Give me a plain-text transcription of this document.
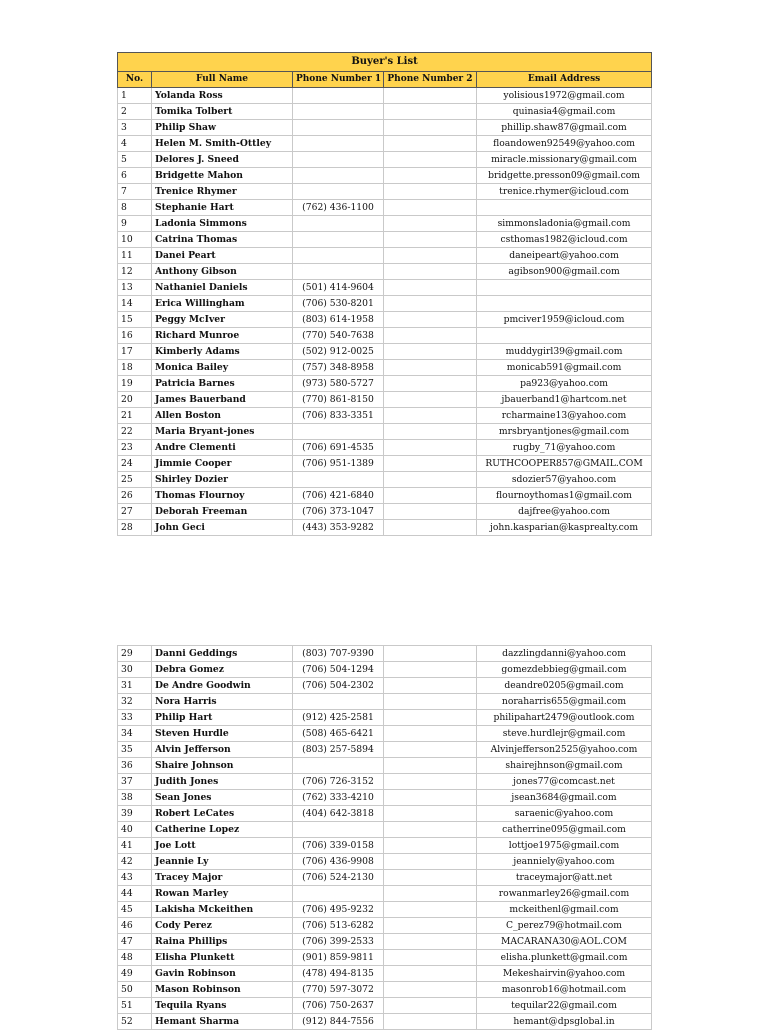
Buyer's List				
No.	Full Name	Phone Number 1	Phone Number 2	Email Address
1	Yolanda Ross			yolisious1972@gmail.com
2	Tomika Tolbert			quinasia4@gmail.com
3	Philip Shaw			phillip.shaw87@gmail.com
4	Helen M. Smith-Ottley			floandowen92549@yahoo.com
5	Delores J. Sneed			miracle.missionary@gmail.com
6	Bridgette Mahon			bridgette.presson09@gmail.com
7	Trenice Rhymer			trenice.rhymer@icloud.com
8	Stephanie Hart	(762) 436-1100		
9	Ladonia Simmons			simmonsladonia@gmail.com
10	Catrina Thomas			csthomas1982@icloud.com
11	Danei Peart			daneipeart@yahoo.com
12	Anthony Gibson			agibson900@gmail.com
13	Nathaniel Daniels	(501) 414-9604		
14	Erica Willingham	(706) 530-8201		
15	Peggy McIver	(803) 614-1958		pmciver1959@icloud.com
16	Richard Munroe	(770) 540-7638		
17	Kimberly Adams	(502) 912-0025		muddygirl39@gmail.com
18	Monica Bailey	(757) 348-8958		monicab591@gmail.com
19	Patricia Barnes	(973) 580-5727		pa923@yahoo.com
20	James Bauerband	(770) 861-8150		jbauerband1@hartcom.net
21	Allen Boston	(706) 833-3351		rcharmaine13@yahoo.com
22	Maria Bryant-jones			mrsbryantjones@gmail.com
23	Andre Clementi	(706) 691-4535		rugby_71@yahoo.com
24	Jimmie Cooper	(706) 951-1389		RUTHCOOPER857@GMAIL.COM
25	Shirley Dozier			sdozier57@yahoo.com
26	Thomas Flournoy	(706) 421-6840		flournoythomas1@gmail.com
27	Deborah Freeman	(706) 373-1047		dajfree@yahoo.com
28	John Geci	(443) 353-9282		john.kasparian@kasprealty.com
29	Danni Geddings	(803) 707-9390		dazzlingdanni@yahoo.com
30	Debra Gomez	(706) 504-1294		gomezdebbieg@gmail.com
31	De Andre Goodwin	(706) 504-2302		deandre0205@gmail.com
32	Nora Harris			noraharris655@gmail.com
33	Philip Hart	(912) 425-2581		philipahart2479@outlook.com
34	Steven Hurdle	(508) 465-6421		steve.hurdlejr@gmail.com
35	Alvin Jefferson	(803) 257-5894		Alvinjefferson2525@yahoo.com
36	Shaire Johnson			shairejhnson@gmail.com
37	Judith Jones	(706) 726-3152		jones77@comcast.net
38	Sean Jones	(762) 333-4210		jsean3684@gmail.com
39	Robert LeCates	(404) 642-3818		saraenic@yahoo.com
40	Catherine Lopez			catherrine095@gmail.com
41	Joe Lott	(706) 339-0158		lottjoe1975@gmail.com
42	Jeannie Ly	(706) 436-9908		jeannielу@yahoo.com
43	Tracey Major	(706) 524-2130		traceymajor@att.net
44	Rowan Marley			rowanmarley26@gmail.com
45	Lakisha Mckeithen	(706) 495-9232		mckeithenl@gmail.com
46	Cody Perez	(706) 513-6282		C_perez79@hotmail.com
47	Raina Phillips	(706) 399-2533		MACARANA30@AOL.COM
48	Elisha Plunkett	(901) 859-9811		elisha.plunkett@gmail.com
49	Gavin Robinson	(478) 494-8135		Mekeshairvin@yahoo.com
50	Mason Robinson	(770) 597-3072		masonrob16@hotmail.com
51	Tequila Ryans	(706) 750-2637		tequilar22@gmail.com
52	Hemant Sharma	(912) 844-7556		hemant@dpsglobal.in
